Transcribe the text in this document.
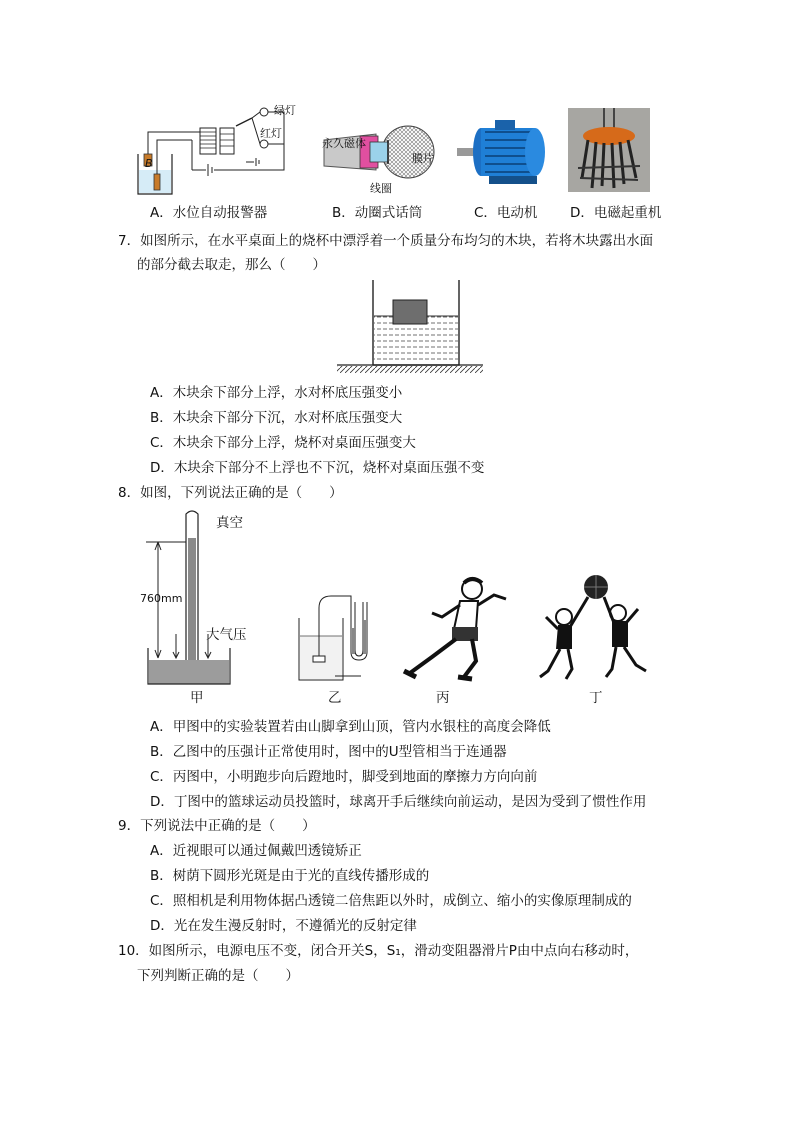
绿灯
红灯
B
永久磁体
膜片
线圈
A．水位自动报警器	B．动圈式话筒	C．电动机 D．电磁起重机
7．如图所示，在水平桌面上的烧杯中漂浮着一个质量分布均匀的木块，若将木块露出水面
的部分截去取走，那么（　　）
A．木块余下部分上浮，水对杯底压强变小
B．木块余下部分下沉，水对杯底压强变大
C．木块余下部分上浮，烧杯对桌面压强变大
D．木块余下部分不上浮也不下沉，烧杯对桌面压强不变
8．如图，下列说法正确的是（　　）
真空
760mm
大气压
甲	乙	丙	丁
A．甲图中的实验装置若由山脚拿到山顶，管内水银柱的高度会降低
B．乙图中的压强计正常使用时，图中的U型管相当于连通器
C．丙图中，小明跑步向后蹬地时，脚受到地面的摩擦力方向向前
D．丁图中的篮球运动员投篮时，球离开手后继续向前运动，是因为受到了惯性作用
9．下列说法中正确的是（　　）
A．近视眼可以通过佩戴凹透镜矫正
B．树荫下圆形光斑是由于光的直线传播形成的
C．照相机是利用物体据凸透镜二倍焦距以外时，成倒立、缩小的实像原理制成的
D．光在发生漫反射时，不遵循光的反射定律
10．如图所示，电源电压不变，闭合开关S，S₁，滑动变阻器滑片P由中点向右移动时，
下列判断正确的是（　　）
